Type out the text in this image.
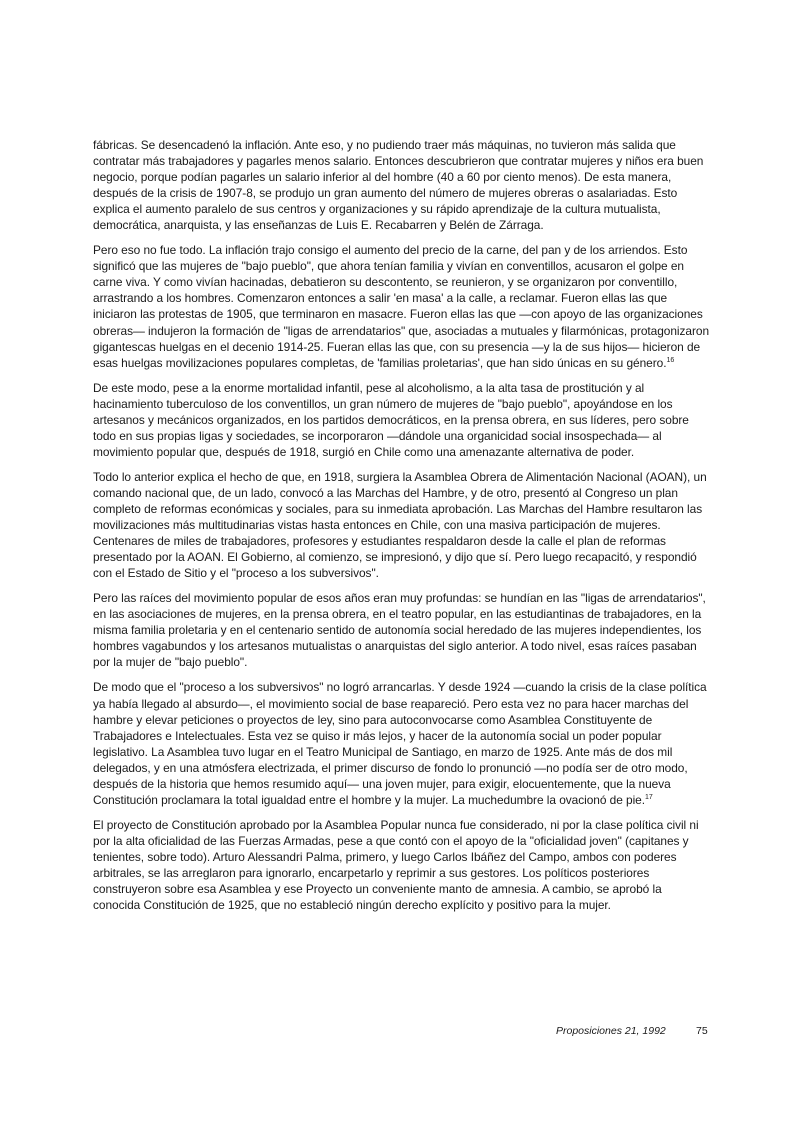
fábricas. Se desencadenó la inflación. Ante eso, y no pudiendo traer más máquinas, no tuvieron más salida que contratar más trabajadores y pagarles menos salario. Entonces descubrieron que contratar mujeres y niños era buen negocio, porque podían pagarles un salario inferior al del hombre (40 a 60 por ciento menos). De esta manera, después de la crisis de 1907-8, se produjo un gran aumento del número de mujeres obreras o asalariadas. Esto explica el aumento paralelo de sus centros y organizaciones y su rápido aprendizaje de la cultura mutualista, democrática, anarquista, y las enseñanzas de Luis E. Recabarren y Belén de Zárraga.

Pero eso no fue todo. La inflación trajo consigo el aumento del precio de la carne, del pan y de los arriendos. Esto significó que las mujeres de "bajo pueblo", que ahora tenían familia y vivían en conventillos, acusaron el golpe en carne viva. Y como vivían hacinadas, debatieron su descontento, se reunieron, y se organizaron por conventillo, arrastrando a los hombres. Comenzaron entonces a salir 'en masa' a la calle, a reclamar. Fueron ellas las que iniciaron las protestas de 1905, que terminaron en masacre. Fueron ellas las que —con apoyo de las organizaciones obreras— indujeron la formación de "ligas de arrendatarios" que, asociadas a mutuales y filarmónicas, protagonizaron gigantescas huelgas en el decenio 1914-25. Fueran ellas las que, con su presencia —y la de sus hijos— hicieron de esas huelgas movilizaciones populares completas, de 'familias proletarias', que han sido únicas en su género.$^{16}$

De este modo, pese a la enorme mortalidad infantil, pese al alcoholismo, a la alta tasa de prostitución y al hacinamiento tuberculoso de los conventillos, un gran número de mujeres de "bajo pueblo", apoyándose en los artesanos y mecánicos organizados, en los partidos democráticos, en la prensa obrera, en sus líderes, pero sobre todo en sus propias ligas y sociedades, se incorporaron —dándole una organicidad social insospechada— al movimiento popular que, después de 1918, surgió en Chile como una amenazante alternativa de poder.

Todo lo anterior explica el hecho de que, en 1918, surgiera la Asamblea Obrera de Alimentación Nacional (AOAN), un comando nacional que, de un lado, convocó a las Marchas del Hambre, y de otro, presentó al Congreso un plan completo de reformas económicas y sociales, para su inmediata aprobación. Las Marchas del Hambre resultaron las movilizaciones más multitudinarias vistas hasta entonces en Chile, con una masiva participación de mujeres. Centenares de miles de trabajadores, profesores y estudiantes respaldaron desde la calle el plan de reformas presentado por la AOAN. El Gobierno, al comienzo, se impresionó, y dijo que sí. Pero luego recapacitó, y respondió con el Estado de Sitio y el "proceso a los subversivos".

Pero las raíces del movimiento popular de esos años eran muy profundas: se hundían en las "ligas de arrendatarios", en las asociaciones de mujeres, en la prensa obrera, en el teatro popular, en las estudiantinas de trabajadores, en la misma familia proletaria y en el centenario sentido de autonomía social heredado de las mujeres independientes, los hombres vagabundos y los artesanos mutualistas o anarquistas del siglo anterior. A todo nivel, esas raíces pasaban por la mujer de "bajo pueblo".

De modo que el "proceso a los subversivos" no logró arrancarlas. Y desde 1924 —cuando la crisis de la clase política ya había llegado al absurdo—, el movimiento social de base reapareció. Pero esta vez no para hacer marchas del hambre y elevar peticiones o proyectos de ley, sino para autoconvocarse como Asamblea Constituyente de Trabajadores e Intelectuales. Esta vez se quiso ir más lejos, y hacer de la autonomía social un poder popular legislativo. La Asamblea tuvo lugar en el Teatro Municipal de Santiago, en marzo de 1925. Ante más de dos mil delegados, y en una atmósfera electrizada, el primer discurso de fondo lo pronunció —no podía ser de otro modo, después de la historia que hemos resumido aquí— una joven mujer, para exigir, elocuentemente, que la nueva Constitución proclamara la total igualdad entre el hombre y la mujer. La muchedumbre la ovacionó de pie.$^{17}$

El proyecto de Constitución aprobado por la Asamblea Popular nunca fue considerado, ni por la clase política civil ni por la alta oficialidad de las Fuerzas Armadas, pese a que contó con el apoyo de la "oficialidad joven" (capitanes y tenientes, sobre todo). Arturo Alessandri Palma, primero, y luego Carlos Ibáñez del Campo, ambos con poderes arbitrales, se las arreglaron para ignorarlo, encarpetarlo y reprimir a sus gestores. Los políticos posteriores construyeron sobre esa Asamblea y ese Proyecto un conveniente manto de amnesia. A cambio, se aprobó la conocida Constitución de 1925, que no estableció ningún derecho explícito y positivo para la mujer.

Proposiciones 21, 1992	75
